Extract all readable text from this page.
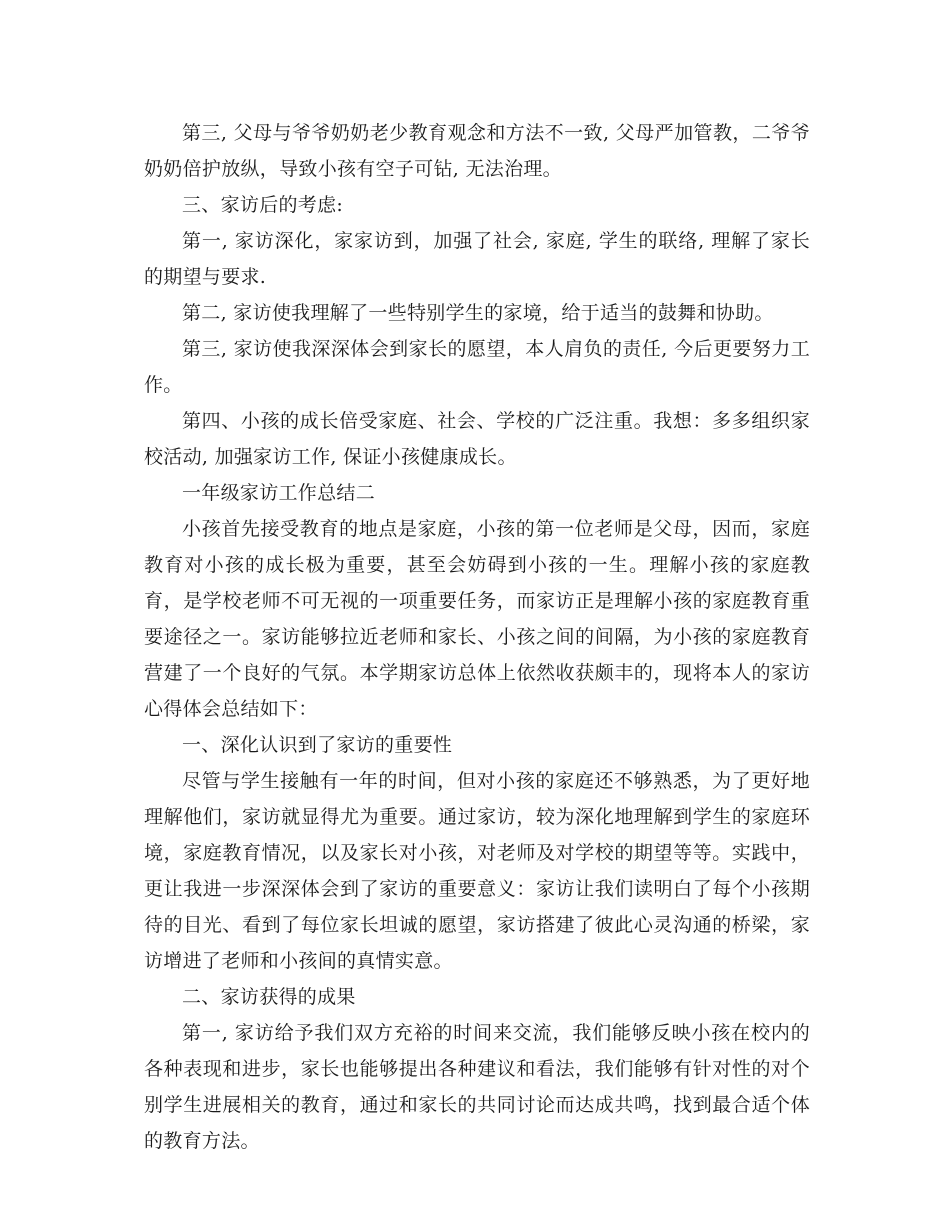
第三, 父母与爷爷奶奶老少教育观念和方法不一致, 父母严加管教，二爷爷奶奶倍护放纵，导致小孩有空子可钻, 无法治理。

三、家访后的考虑:

第一, 家访深化，家家访到，加强了社会, 家庭, 学生的联络, 理解了家长的期望与要求.

第二, 家访使我理解了一些特别学生的家境，给于适当的鼓舞和协助。

第三, 家访使我深深体会到家长的愿望，本人肩负的责任, 今后更要努力工作。

第四、小孩的成长倍受家庭、社会、学校的广泛注重。我想：多多组织家校活动, 加强家访工作, 保证小孩健康成长。

一年级家访工作总结二

小孩首先接受教育的地点是家庭，小孩的第一位老师是父母，因而，家庭教育对小孩的成长极为重要，甚至会妨碍到小孩的一生。理解小孩的家庭教育，是学校老师不可无视的一项重要任务，而家访正是理解小孩的家庭教育重要途径之一。家访能够拉近老师和家长、小孩之间的间隔，为小孩的家庭教育营建了一个良好的气氛。本学期家访总体上依然收获颇丰的，现将本人的家访心得体会总结如下：

一、深化认识到了家访的重要性

尽管与学生接触有一年的时间，但对小孩的家庭还不够熟悉，为了更好地理解他们，家访就显得尤为重要。通过家访，较为深化地理解到学生的家庭环境，家庭教育情况，以及家长对小孩，对老师及对学校的期望等等。实践中，更让我进一步深深体会到了家访的重要意义：家访让我们读明白了每个小孩期待的目光、看到了每位家长坦诚的愿望，家访搭建了彼此心灵沟通的桥梁，家访增进了老师和小孩间的真情实意。

二、家访获得的成果

第一, 家访给予我们双方充裕的时间来交流，我们能够反映小孩在校内的各种表现和进步，家长也能够提出各种建议和看法，我们能够有针对性的对个别学生进展相关的教育，通过和家长的共同讨论而达成共鸣，找到最合适个体的教育方法。
